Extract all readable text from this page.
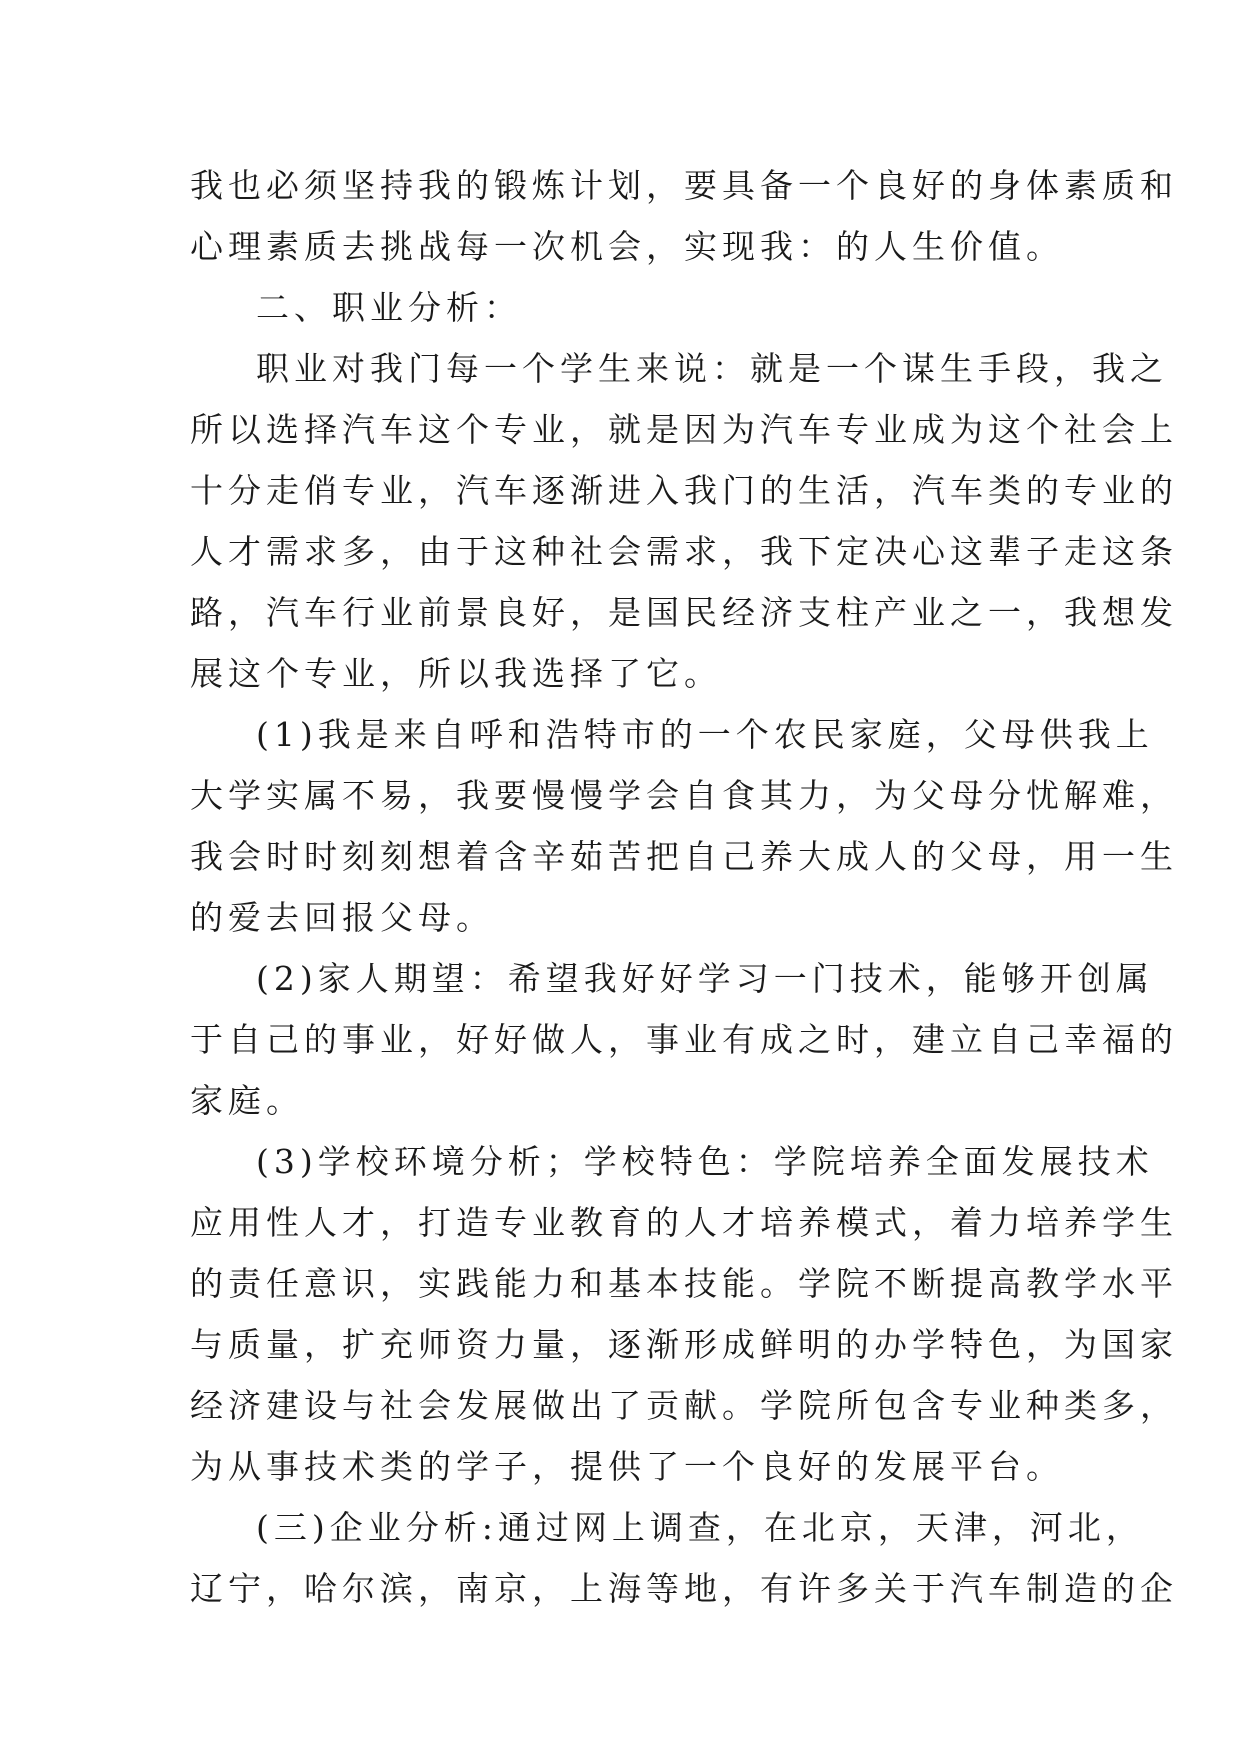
我也必须坚持我的锻炼计划，要具备一个良好的身体素质和
心理素质去挑战每一次机会，实现我：的人生价值。
二、职业分析：
职业对我门每一个学生来说：就是一个谋生手段，我之
所以选择汽车这个专业，就是因为汽车专业成为这个社会上
十分走俏专业，汽车逐渐进入我门的生活，汽车类的专业的
人才需求多，由于这种社会需求，我下定决心这辈子走这条
路，汽车行业前景良好，是国民经济支柱产业之一，我想发
展这个专业，所以我选择了它。
(1)我是来自呼和浩特市的一个农民家庭，父母供我上
大学实属不易，我要慢慢学会自食其力，为父母分忧解难，
我会时时刻刻想着含辛茹苦把自己养大成人的父母，用一生
的爱去回报父母。
(2)家人期望：希望我好好学习一门技术，能够开创属
于自己的事业，好好做人，事业有成之时，建立自己幸福的
家庭。
(3)学校环境分析；学校特色：学院培养全面发展技术
应用性人才，打造专业教育的人才培养模式，着力培养学生
的责任意识，实践能力和基本技能。学院不断提高教学水平
与质量，扩充师资力量，逐渐形成鲜明的办学特色，为国家
经济建设与社会发展做出了贡献。学院所包含专业种类多，
为从事技术类的学子，提供了一个良好的发展平台。
(三)企业分析:通过网上调查，在北京，天津，河北，
辽宁，哈尔滨，南京，上海等地，有许多关于汽车制造的企
